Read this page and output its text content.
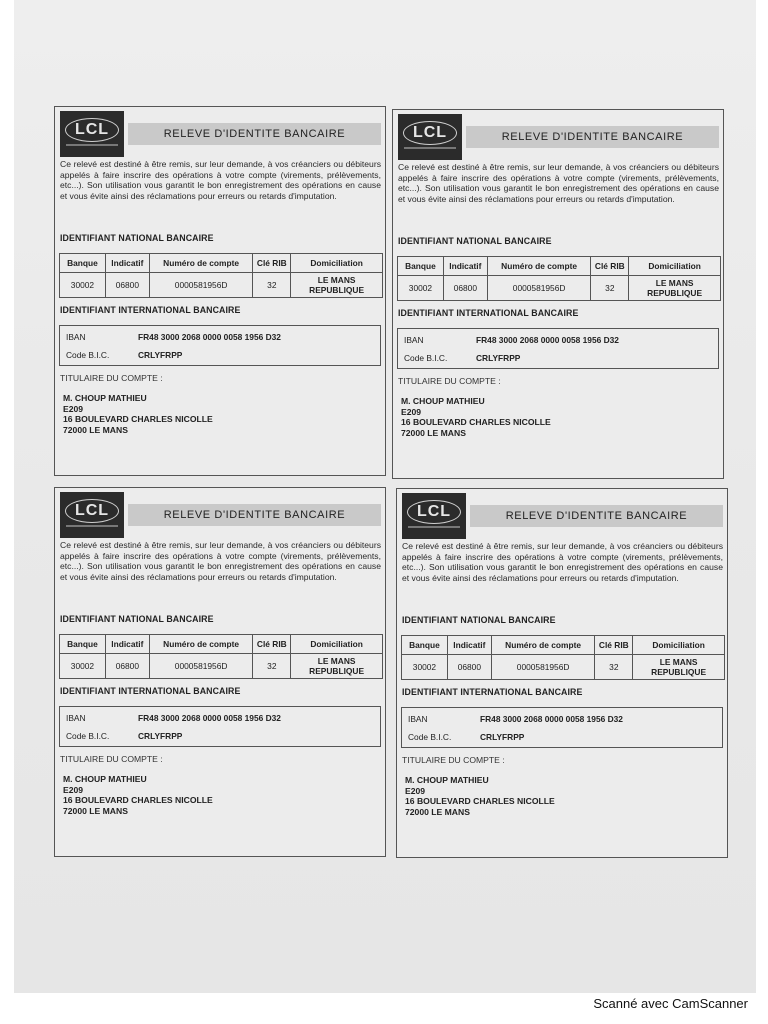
LCL	RELEVE D'IDENTITE BANCAIRE
Ce relevé est destiné à être remis, sur leur demande, à vos créanciers ou débiteurs appelés à faire inscrire des opérations à votre compte (virements, prélèvements, etc...). Son utilisation vous garantit le bon enregistrement des opérations en cause et vous évite ainsi des réclamations pour erreurs ou retards d'imputation.
IDENTIFIANT NATIONAL BANCAIRE
Banque	Indicatif	Numéro de compte	Clé RIB	Domiciliation
30002	06800	0000581956D	32	LE MANS
REPUBLIQUE
IDENTIFIANT INTERNATIONAL BANCAIRE
IBAN	FR48 3000 2068 0000 0058 1956 D32
Code B.I.C.	CRLYFRPP
TITULAIRE DU COMPTE :
M. CHOUP MATHIEU
E209
16 BOULEVARD CHARLES NICOLLE
72000 LE MANS
LCL	RELEVE D'IDENTITE BANCAIRE
Ce relevé est destiné à être remis, sur leur demande, à vos créanciers ou débiteurs appelés à faire inscrire des opérations à votre compte (virements, prélèvements, etc...). Son utilisation vous garantit le bon enregistrement des opérations en cause et vous évite ainsi des réclamations pour erreurs ou retards d'imputation.
IDENTIFIANT NATIONAL BANCAIRE
Banque	Indicatif	Numéro de compte	Clé RIB	Domiciliation
30002	06800	0000581956D	32	LE MANS
REPUBLIQUE
IDENTIFIANT INTERNATIONAL BANCAIRE
IBAN	FR48 3000 2068 0000 0058 1956 D32
Code B.I.C.	CRLYFRPP
TITULAIRE DU COMPTE :
M. CHOUP MATHIEU
E209
16 BOULEVARD CHARLES NICOLLE
72000 LE MANS
LCL	RELEVE D'IDENTITE BANCAIRE
Ce relevé est destiné à être remis, sur leur demande, à vos créanciers ou débiteurs appelés à faire inscrire des opérations à votre compte (virements, prélèvements, etc...). Son utilisation vous garantit le bon enregistrement des opérations en cause et vous évite ainsi des réclamations pour erreurs ou retards d'imputation.
IDENTIFIANT NATIONAL BANCAIRE
Banque	Indicatif	Numéro de compte	Clé RIB	Domiciliation
30002	06800	0000581956D	32	LE MANS
REPUBLIQUE
IDENTIFIANT INTERNATIONAL BANCAIRE
IBAN	FR48 3000 2068 0000 0058 1956 D32
Code B.I.C.	CRLYFRPP
TITULAIRE DU COMPTE :
M. CHOUP MATHIEU
E209
16 BOULEVARD CHARLES NICOLLE
72000 LE MANS
LCL	RELEVE D'IDENTITE BANCAIRE
Ce relevé est destiné à être remis, sur leur demande, à vos créanciers ou débiteurs appelés à faire inscrire des opérations à votre compte (virements, prélèvements, etc...). Son utilisation vous garantit le bon enregistrement des opérations en cause et vous évite ainsi des réclamations pour erreurs ou retards d'imputation.
IDENTIFIANT NATIONAL BANCAIRE
Banque	Indicatif	Numéro de compte	Clé RIB	Domiciliation
30002	06800	0000581956D	32	LE MANS
REPUBLIQUE
IDENTIFIANT INTERNATIONAL BANCAIRE
IBAN	FR48 3000 2068 0000 0058 1956 D32
Code B.I.C.	CRLYFRPP
TITULAIRE DU COMPTE :
M. CHOUP MATHIEU
E209
16 BOULEVARD CHARLES NICOLLE
72000 LE MANS
Scanné avec CamScanner
